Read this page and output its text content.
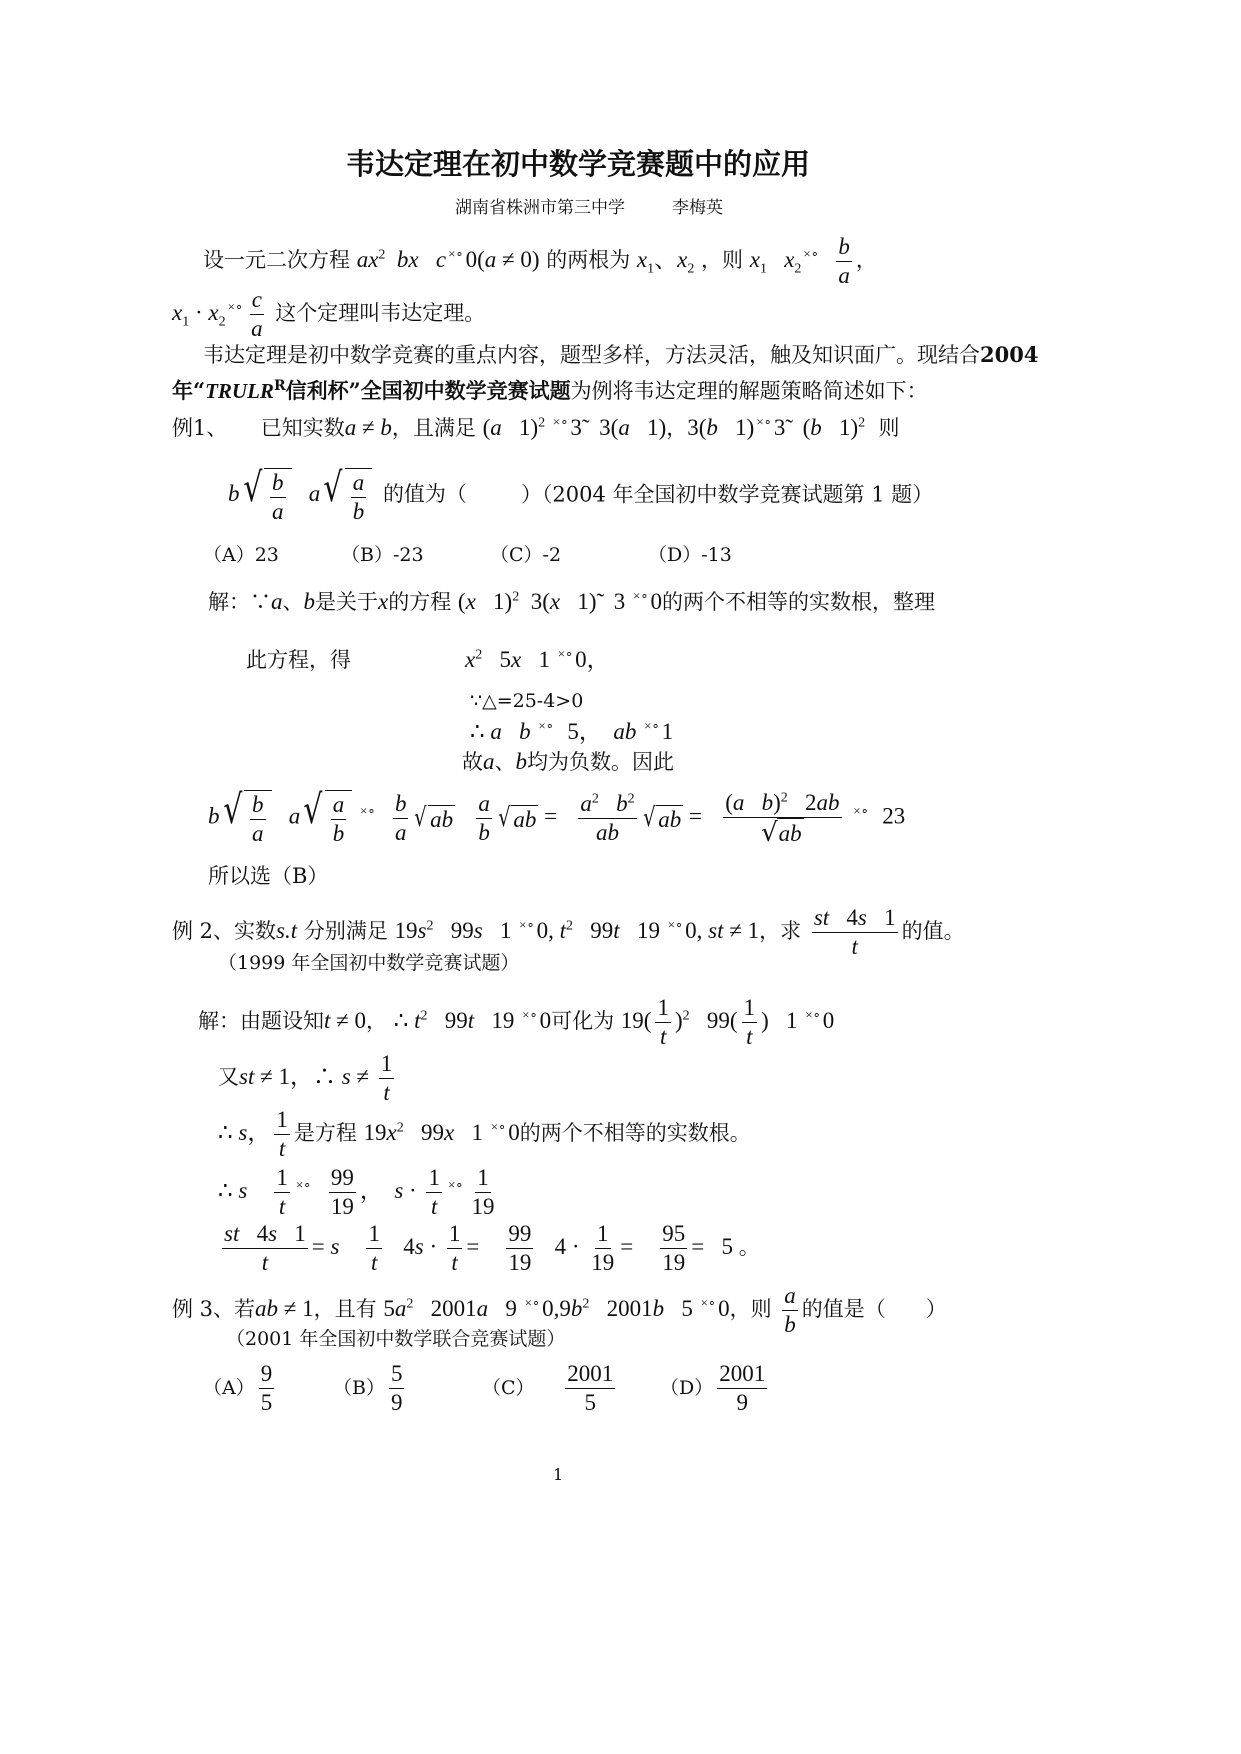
韦达定理在初中数学竞赛题中的应用
湖南省株洲市第三中学	李梅英
设一元二次方程 $ax^2$ bx c ×∘0(a ≠ 0) 的两根为 $x_1$、$x_2$ ，则 $x_1$ $x_2^{\times\circ} \frac{b}{a}$ ，
$x_1 \cdot x_2^{\times\circ} \frac{c}{a}$ 这个定理叫韦达定理。
韦达定理是初中数学竞赛的重点内容，题型多样，方法灵活，触及知识面广。现结合2004
年“$TRULR^R$信利杯”全国初中数学竞赛试题为例将韦达定理的解题策略简述如下：
例1、 已知实数a ≠ b，且满足 (a   1)$^2$ ×∘3̃   3(a   1)，3(b   1) ×∘3̃   (b   1)$^2$ 则
b √ $\frac{b}{a}$ a √ $\frac{a}{b}$ 的值为（	）（2004 年全国初中数学竞赛试题第 1 题）
（A）23	（B）-23	（C）-2	（D）-13
解：∵a、b是关于x的方程 (x   1)$^2$  3(x   1)̃   3 ×∘0的两个不相等的实数根，整理
此方程，得	$x^2$   5x   1 ×∘0，
∵△=25-4>0
∴ a b ×∘  5，  ab ×∘1
故a、b均为负数。因此
b √ $\frac{b}{a}$ a √ $\frac{a}{b} ^{\times\circ} \frac{b}{a}$ √ ab
$\frac{a}{b}$ √ ab = $\frac{a^2 b^2}{ab}$ √ ab = $\frac{(a b)^2 2ab}{√ab} ^{\times\circ}$  23
所以选（B）
例 2、实数s.t 分别满足 $19s^2$   99s   1 ×∘0, $t^2$   99t   19 ×∘0, st ≠ 1，求 $\frac{st 4s 1}{t}$ 的值。
（1999 年全国初中数学竞赛试题）
解：由题设知t ≠ 0， ∴ $t^2$   99t   19 ×∘0可化为 $19( \frac{1}{t} )^2$   $99( \frac{1}{t}$ )   1 ×∘0
又st ≠ 1，∴ $s \ne \frac{1}{t}$
∴ s， $\frac{1}{t}$ 是方程 $19x^2$   99x   1 ×∘0的两个不相等的实数根。
∴ s $\frac{1}{t} ^{\times\circ} \frac{99}{19}$ ，  $s \cdot \frac{1}{t} ^{\times\circ} \frac{1}{19}$
$\frac{st 4s 1}{t} = s \frac{1}{t} 4s \cdot \frac{1}{t} = \frac{99}{19} 4 \cdot \frac{1}{19} = \frac{95}{19} = 5$ 。
例 3、若ab ≠ 1，且有 $5a^2$   2001a   9 $^{\times\circ}0,9b^2$   2001b   5 ×∘0，则 $\frac{a}{b}$ 的值是（ ）
（2001 年全国初中数学联合竞赛试题）
$(A) \frac{9}{5}$	$(B) \frac{5}{9}$	$(C) \frac{2001}{5} (D) \frac{2001}{9}$
1
